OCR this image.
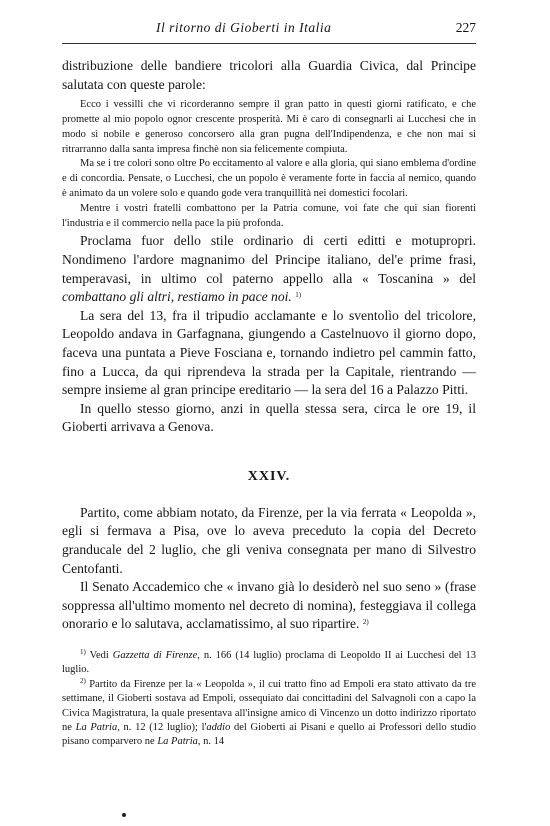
Il ritorno di Gioberti in Italia	227

distribuzione delle bandiere tricolori alla Guardia Civica, dal Principe salutata con queste parole:

Ecco i vessilli che vi ricorderanno sempre il gran patto in questi giorni ratificato, e che promette al mio popolo ognor crescente prosperità. Mi è caro di consegnarli ai Lucchesi che in modo sì nobile e generoso concorsero alla gran pugna dell'Indipendenza, e che non mai si ritrarranno dalla santa impresa finchè non sia felicemente compiuta.

Ma se i tre colori sono oltre Po eccitamento al valore e alla gloria, qui siano emblema d'ordine e di concordia. Pensate, o Lucchesi, che un popolo è veramente forte in faccia al nemico, quando è animato da un volere solo e quando gode vera tranquillità nei domestici focolari.

Mentre i vostri fratelli combattono per la Patria comune, voi fate che qui sian fiorenti l'industria e il commercio nella pace la più profonda.

Proclama fuor dello stile ordinario di certi editti e motupropri. Nondimeno l'ardore magnanimo del Principe italiano, del'e prime frasi, temperavasi, in ultimo col paterno appello alla « Toscanina » del combattano gli altri, restiamo in pace noi. $^{1)}$

La sera del 13, fra il tripudio acclamante e lo sventolìo del tricolore, Leopoldo andava in Garfagnana, giungendo a Castelnuovo il giorno dopo, faceva una puntata a Pieve Fosciana e, tornando indietro pel cammin fatto, fino a Lucca, da qui riprendeva la strada per la Capitale, rientrando — sempre insieme al gran principe ereditario — la sera del 16 a Palazzo Pitti.

In quello stesso giorno, anzi in quella stessa sera, circa le ore 19, il Gioberti arrivava a Genova.

XXIV.

Partito, come abbiam notato, da Firenze, per la via ferrata « Leopolda », egli si fermava a Pisa, ove lo aveva preceduto la copia del Decreto granducale del 2 luglio, che gli veniva consegnata per mano di Silvestro Centofanti.

Il Senato Accademico che « invano già lo desiderò nel suo seno » (frase soppressa all'ultimo momento nel decreto di nomina), festeggiava il collega onorario e lo salutava, acclamatissimo, al suo ripartire. $^{2)}$

$^{1)}$ Vedi Gazzetta di Firenze, n. 166 (14 luglio) proclama di Leopoldo II ai Lucchesi del 13 luglio.

$^{2)}$ Partito da Firenze per la « Leopolda », il cui tratto fino ad Empoli era stato attivato da tre settimane, il Gioberti sostava ad Empoli, ossequiato dai concittadini del Salvagnoli con a capo la Civica Magistratura, la quale presentava all'insigne amico di Vincenzo un dotto indirizzo riportato ne La Patria, n. 12 (12 luglio); l'addio del Gioberti ai Pisani e quello ai Professori dello studio pisano comparvero ne La Patria, n. 14
